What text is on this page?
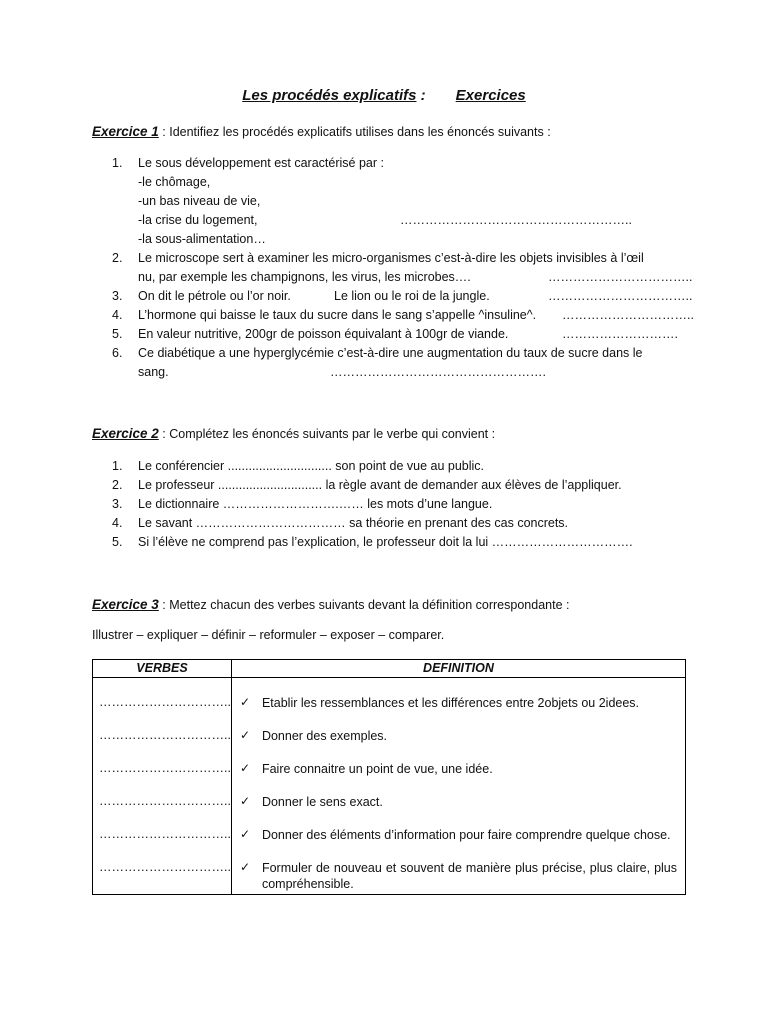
Les procédés explicatifs : Exercices
Exercice 1 : Identifiez les procédés explicatifs utilises dans les énoncés suivants :
1. Le sous développement est caractérisé par :
-le chômage,
-un bas niveau de vie,
-la crise du logement,	………………………………………………..
-la sous-alimentation…
2. Le microscope sert à examiner les micro-organismes c’est-à-dire les objets invisibles à l’œil
nu, par exemple les champignons, les virus, les microbes….	……………………………..
3. On dit le pétrole ou l’or noir.	Le lion ou le roi de la jungle.	……………………………..
4. L’hormone qui baisse le taux du sucre dans le sang s’appelle ^insuline^. …………………………..
5. En valeur nutritive, 200gr de poisson équivalant à 100gr de viande.	……………………….
6. Ce diabétique a une hyperglycémie c’est-à-dire une augmentation du taux de sucre dans le
sang.	…………………………………………….
Exercice 2 : Complétez les énoncés suivants par le verbe qui convient :
1. Le conférencier .............................. son point de vue au public.
2. Le professeur .............................. la règle avant de demander aux élèves de l’appliquer.
3. Le dictionnaire ……………………….…… les mots d’une langue.
4. Le savant ……………………………… sa théorie en prenant des cas concrets.
5. Si l’élève ne comprend pas l’explication, le professeur doit la lui …………………………….
Exercice 3 : Mettez chacun des verbes suivants devant la définition correspondante :
Illustrer – expliquer – définir – reformuler – exposer – comparer.
VERBES	DEFINITION
…………………………..	✓ Etablir les ressemblances et les différences entre 2objets ou 2idees.

…………………………..	✓ Donner des exemples.

…………………………..	✓ Faire connaitre un point de vue, une idée.

…………………………..	✓ Donner le sens exact.

…………………………..	✓ Donner des éléments d’information pour faire comprendre quelque chose.

…………………………..	✓ Formuler de nouveau et souvent de manière plus précise, plus claire, plus compréhensible.
